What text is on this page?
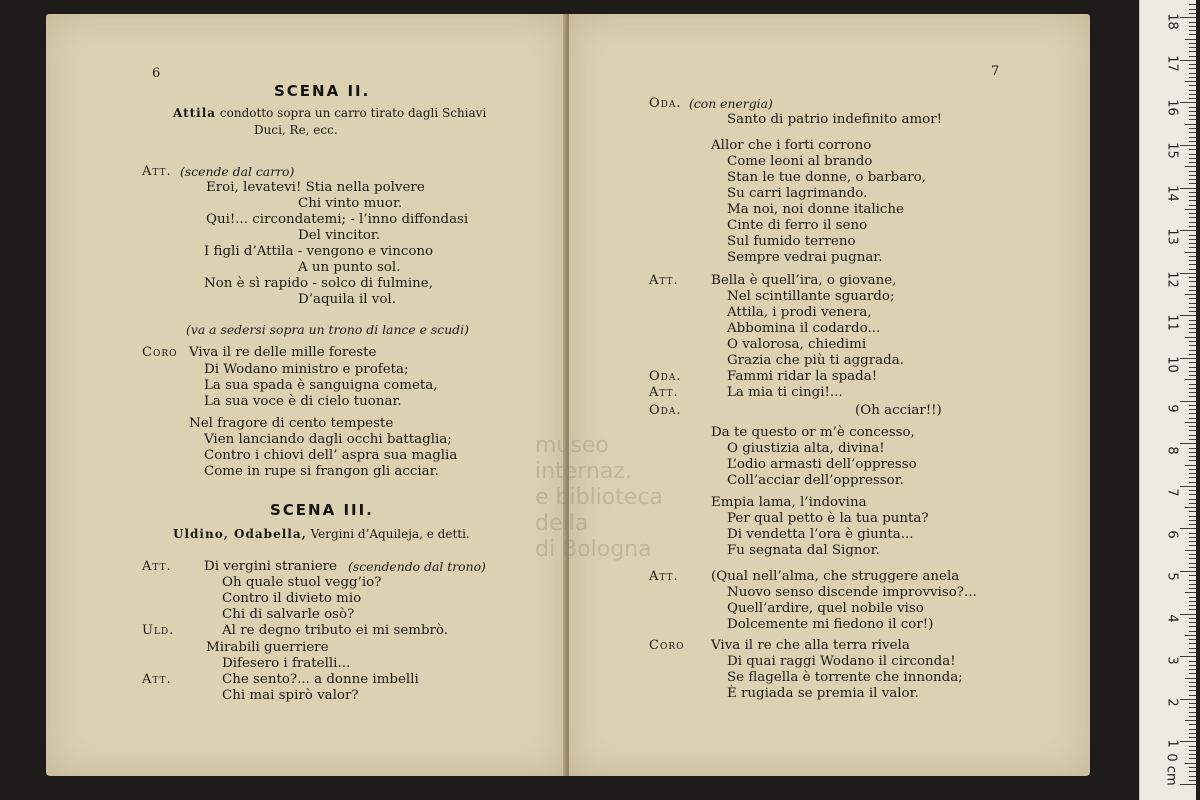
6
SCENA II.
Attila condotto sopra un carro tirato dagli Schiavi
Duci, Re, ecc.
Att. (scende dal carro)
Eroi, levatevi! Stia nella polvere
Chi vinto muor.
Qui!... circondatemi; - l’inno diffondasi
Del vincitor.
I figli d’Attila - vengono e vincono
A un punto sol.
Non è sì rapido - solco di fulmine,
D’aquila il vol.
(va a sedersi sopra un trono di lance e scudi)
Coro Viva il re delle mille foreste
Di Wodano ministro e profeta;
La sua spada è sanguigna cometa,
La sua voce è di cielo tuonar.
Nel fragore di cento tempeste
Vien lanciando dagli occhi battaglia;
Contro i chiovi dell’ aspra sua maglia
Come in rupe si frangon gli acciar.
SCENA III.
Uldino, Odabella, Vergini d’Aquileja, e detti.
Att. Di vergini straniere (scendendo dal trono)
Oh quale stuol vegg’io?
Contro il divieto mio
Chi di salvarle osò?
Uld.	Al re degno tributo ei mi sembrò.
Mirabili guerriere
Difesero i fratelli...
Att.	Che sento?... a donne imbelli
Chi mai spirò valor?
7
Oda. (con energia)
Santo di patrio indefinito amor!
Allor che i forti corrono
Come leoni al brando
Stan le tue donne, o barbaro,
Su carri lagrimando.
Ma noi, noi donne italiche
Cinte di ferro il seno
Sul fumido terreno
Sempre vedrai pugnar.
Att. Bella è quell’ira, o giovane,
Nel scintillante sguardo;
Attila, i prodi venera,
Abbomina il codardo...
O valorosa, chiedimi
Grazia che più ti aggrada.
Oda.	Fammi ridar la spada!
Att.	La mia ti cingi!...
Oda.	(Oh acciar!!)
Da te questo or m’è concesso,
O giustizia alta, divina!
L’odio armasti dell’oppresso
Coll’acciar dell’oppressor.
Empia lama, l’indovina
Per qual petto è la tua punta?
Di vendetta l’ora è giunta...
Fu segnata dal Signor.
Att. (Qual nell’alma, che struggere anela
Nuovo senso discende improvviso?...
Quell’ardire, quel nobile viso
Dolcemente mi fiedono il cor!)
Coro Viva il re che alla terra rivela
Di quai raggi Wodano il circonda!
Se flagella è torrente che innonda;
È rugiada se premia il valor.
museo internaz.
e biblioteca della
di Bologna
0 cm
1
2
3
4
5
6
7
8
9
10
11
12
13
14
15
16
17
18
